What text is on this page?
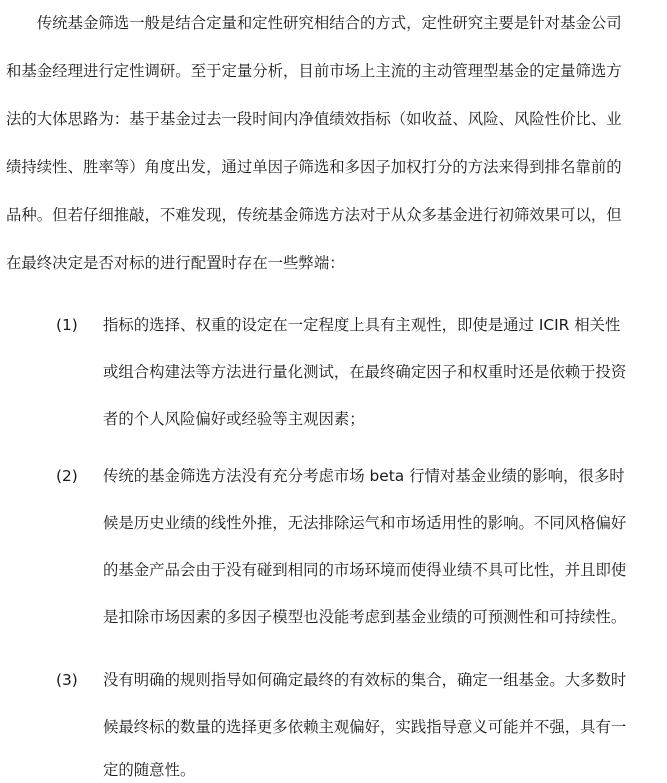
　　传统基金筛选一般是结合定量和定性研究相结合的方式，定性研究主要是针对基金公司
和基金经理进行定性调研。至于定量分析，目前市场上主流的主动管理型基金的定量筛选方
法的大体思路为：基于基金过去一段时间内净值绩效指标（如收益、风险、风险性价比、业
绩持续性、胜率等）角度出发，通过单因子筛选和多因子加权打分的方法来得到排名靠前的
品种。但若仔细推敲，不难发现，传统基金筛选方法对于从众多基金进行初筛效果可以，但
在最终决定是否对标的进行配置时存在一些弊端：
(1) 指标的选择、权重的设定在一定程度上具有主观性，即使是通过 ICIR 相关性
或组合构建法等方法进行量化测试，在最终确定因子和权重时还是依赖于投资
者的个人风险偏好或经验等主观因素；
(2) 传统的基金筛选方法没有充分考虑市场 beta 行情对基金业绩的影响，很多时
候是历史业绩的线性外推，无法排除运气和市场适用性的影响。不同风格偏好
的基金产品会由于没有碰到相同的市场环境而使得业绩不具可比性，并且即使
是扣除市场因素的多因子模型也没能考虑到基金业绩的可预测性和可持续性。
(3) 没有明确的规则指导如何确定最终的有效标的集合，确定一组基金。大多数时
候最终标的数量的选择更多依赖主观偏好，实践指导意义可能并不强，具有一
定的随意性。
